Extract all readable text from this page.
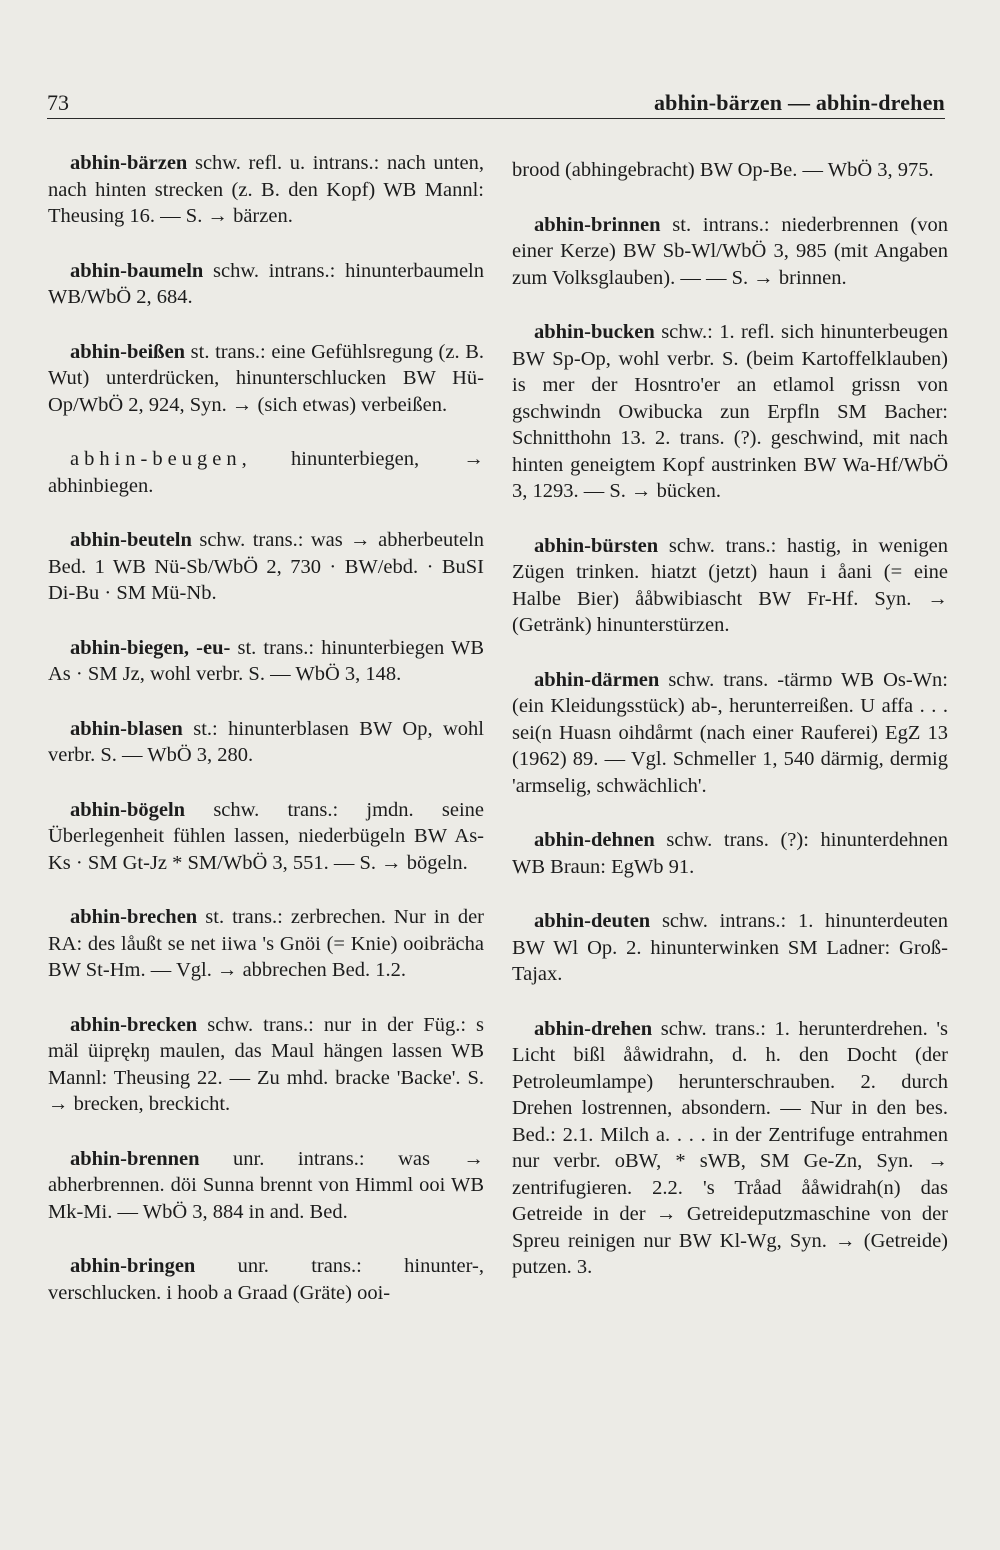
73	abhin-bärzen — abhin-drehen

abhin-bärzen schw. refl. u. intrans.: nach unten, nach hinten strecken (z. B. den Kopf) WB Mannl: Theusing 16. — S. → bärzen.

abhin-baumeln schw. intrans.: hinunterbaumeln WB/WbÖ 2, 684.

abhin-beißen st. trans.: eine Gefühlsregung (z. B. Wut) unterdrücken, hinunterschlucken BW Hü-Op/WbÖ 2, 924, Syn. → (sich etwas) verbeißen.

abhin-beugen, hinunterbiegen, → abhinbiegen.

abhin-beuteln schw. trans.: was → abherbeuteln Bed. 1 WB Nü-Sb/WbÖ 2, 730 · BW/ebd. · BuSI Di-Bu · SM Mü-Nb.

abhin-biegen, -eu- st. trans.: hinunterbiegen WB As · SM Jz, wohl verbr. S. — WbÖ 3, 148.

abhin-blasen st.: hinunterblasen BW Op, wohl verbr. S. — WbÖ 3, 280.

abhin-bögeln schw. trans.: jmdn. seine Überlegenheit fühlen lassen, niederbügeln BW As-Ks · SM Gt-Jz * SM/WbÖ 3, 551. — S. → bögeln.

abhin-brechen st. trans.: zerbrechen. Nur in der RA: des låußt se net iiwa 's Gnöi (= Knie) ooibrächa BW St-Hm. — Vgl. → abbrechen Bed. 1.2.

abhin-brecken schw. trans.: nur in der Füg.: s mäl üiprękŋ maulen, das Maul hängen lassen WB Mannl: Theusing 22. — Zu mhd. bracke 'Backe'. S. → brecken, breckicht.

abhin-brennen unr. intrans.: was → abherbrennen. döi Sunna brennt von Himml ooi WB Mk-Mi. — WbÖ 3, 884 in and. Bed.

abhin-bringen unr. trans.: hinunter-, verschlucken. i hoob a Graad (Gräte) ooi-

brood (abhingebracht) BW Op-Be. — WbÖ 3, 975.

abhin-brinnen st. intrans.: niederbrennen (von einer Kerze) BW Sb-Wl/WbÖ 3, 985 (mit Angaben zum Volksglauben). — — S. → brinnen.

abhin-bucken schw.: 1. refl. sich hinunterbeugen BW Sp-Op, wohl verbr. S. (beim Kartoffelklauben) is mer der Hosntro'er an etlamol grissn von gschwindn Owibucka zun Erpfln SM Bacher: Schnitthohn 13. 2. trans. (?). geschwind, mit nach hinten geneigtem Kopf austrinken BW Wa-Hf/WbÖ 3, 1293. — S. → bücken.

abhin-bürsten schw. trans.: hastig, in wenigen Zügen trinken. hiatzt (jetzt) haun i åani (= eine Halbe Bier) ååbwibiascht BW Fr-Hf. Syn. → (Getränk) hinunterstürzen.

abhin-därmen schw. trans. -tärmɒ WB Os-Wn: (ein Kleidungsstück) ab-, herunterreißen. U affa . . . sei(n Huasn oihdårmt (nach einer Rauferei) EgZ 13 (1962) 89. — Vgl. Schmeller 1, 540 därmig, dermig 'armselig, schwächlich'.

abhin-dehnen schw. trans. (?): hinunterdehnen WB Braun: EgWb 91.

abhin-deuten schw. intrans.: 1. hinunterdeuten BW Wl Op. 2. hinunterwinken SM Ladner: Groß-Tajax.

abhin-drehen schw. trans.: 1. herunterdrehen. 's Licht bißl ååwidrahn, d. h. den Docht (der Petroleumlampe) herunterschrauben. 2. durch Drehen lostrennen, absondern. — Nur in den bes. Bed.: 2.1. Milch a. . . . in der Zentrifuge entrahmen nur verbr. oBW, * sWB, SM Ge-Zn, Syn. → zentrifugieren. 2.2. 's Tråad ååwidrah(n) das Getreide in der → Getreideputzmaschine von der Spreu reinigen nur BW Kl-Wg, Syn. → (Getreide) putzen. 3.
